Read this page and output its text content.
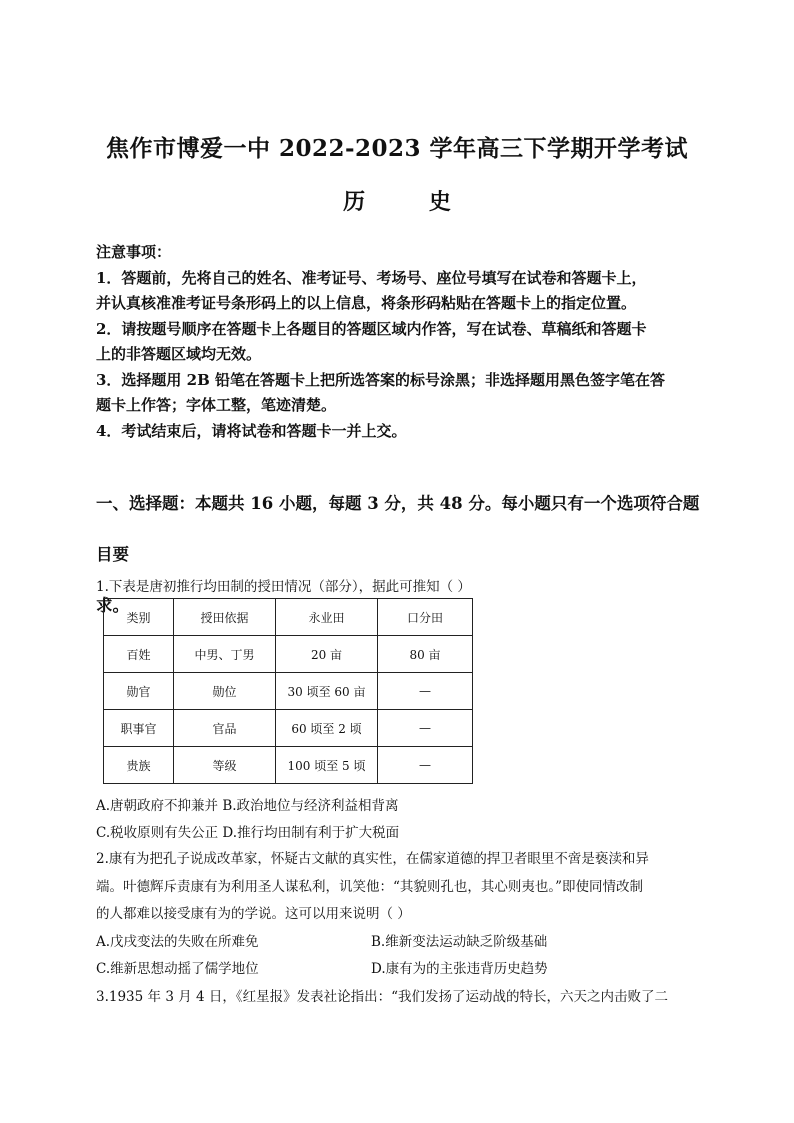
焦作市博爱一中 2022-2023 学年高三下学期开学考试
历 史

注意事项：

1．答题前，先将自己的姓名、准考证号、考场号、座位号填写在试卷和答题卡上，

并认真核准准考证号条形码上的以上信息，将条形码粘贴在答题卡上的指定位置。

2．请按题号顺序在答题卡上各题目的答题区域内作答，写在试卷、草稿纸和答题卡

上的非答题区域均无效。

3．选择题用 2B 铅笔在答题卡上把所选答案的标号涂黑；非选择题用黑色签字笔在答

题卡上作答；字体工整，笔迹清楚。

4．考试结束后，请将试卷和答题卡一并上交。

一、选择题：本题共 16 小题，每题 3 分，共 48 分。每小题只有一个选项符合题目要
求。
1.下表是唐初推行均田制的授田情况（部分），据此可推知（ ）
类别	授田依据	永业田	口分田
百姓	中男、丁男	20 亩	80 亩
勋官	勋位	30 顷至 60 亩	—
职事官	官品	60 顷至 2 顷	—
贵族	等级	100 顷至 5 顷	—

A.唐朝政府不抑兼并 B.政治地位与经济利益相背离

C.税收原则有失公正 D.推行均田制有利于扩大税面

2.康有为把孔子说成改革家，怀疑古文献的真实性，在儒家道德的捍卫者眼里不啻是亵渎和异

端。叶德辉斥责康有为利用圣人谋私利，讥笑他：“其貌则孔也，其心则夷也。”即使同情改制

的人都难以接受康有为的学说。这可以用来说明（ ）

A.戊戌变法的失败在所难免	B.维新变法运动缺乏阶级基础
C.维新思想动摇了儒学地位	D.康有为的主张违背历史趋势

3.1935 年 3 月 4 日，《红星报》发表社论指出：“我们发扬了运动战的特长，六天之内击败了二
